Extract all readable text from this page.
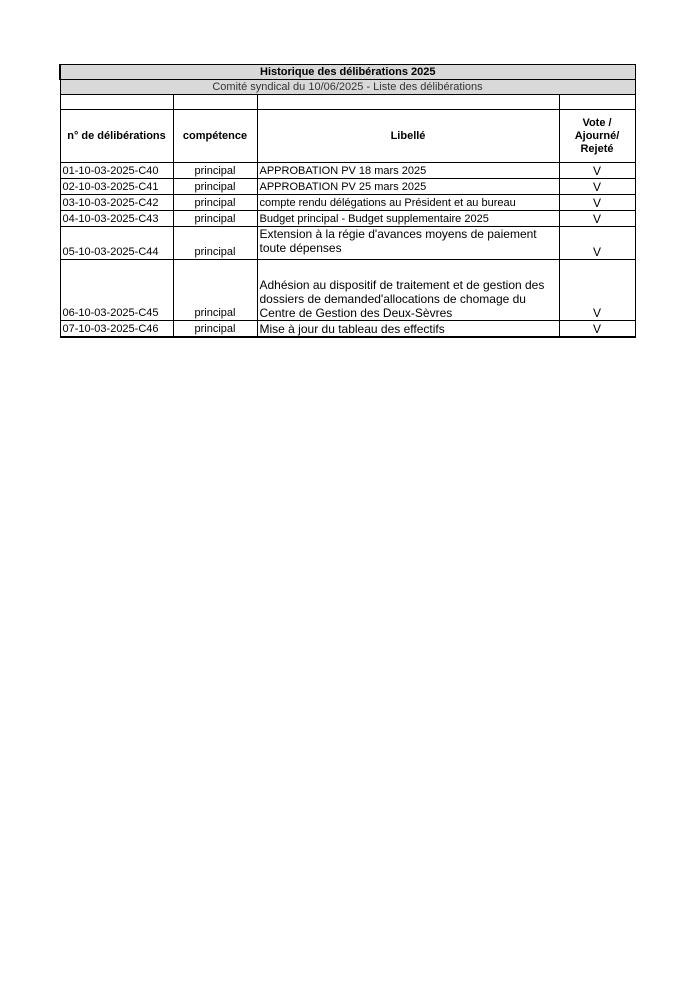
Historique des délibérations 2025			
Comité syndical du 10/06/2025 - Liste des délibérations			

n° de délibérations	compétence	Libellé	Vote / Ajourné/ Rejeté
01-10-03-2025-C40	principal	APPROBATION PV 18 mars 2025	V
02-10-03-2025-C41	principal	APPROBATION PV 25 mars 2025	V
03-10-03-2025-C42	principal	compte rendu délégations au Président et au bureau	V
04-10-03-2025-C43	principal	Budget principal - Budget supplementaire 2025	V
05-10-03-2025-C44	principal	Extension à la régie d'avances moyens de paiement toute dépenses	V
06-10-03-2025-C45	principal	Adhésion au dispositif de traitement et de gestion des dossiers de demanded'allocations de chomage du Centre de Gestion des Deux-Sèvres	V
07-10-03-2025-C46	principal	Mise à jour du tableau des effectifs	V
